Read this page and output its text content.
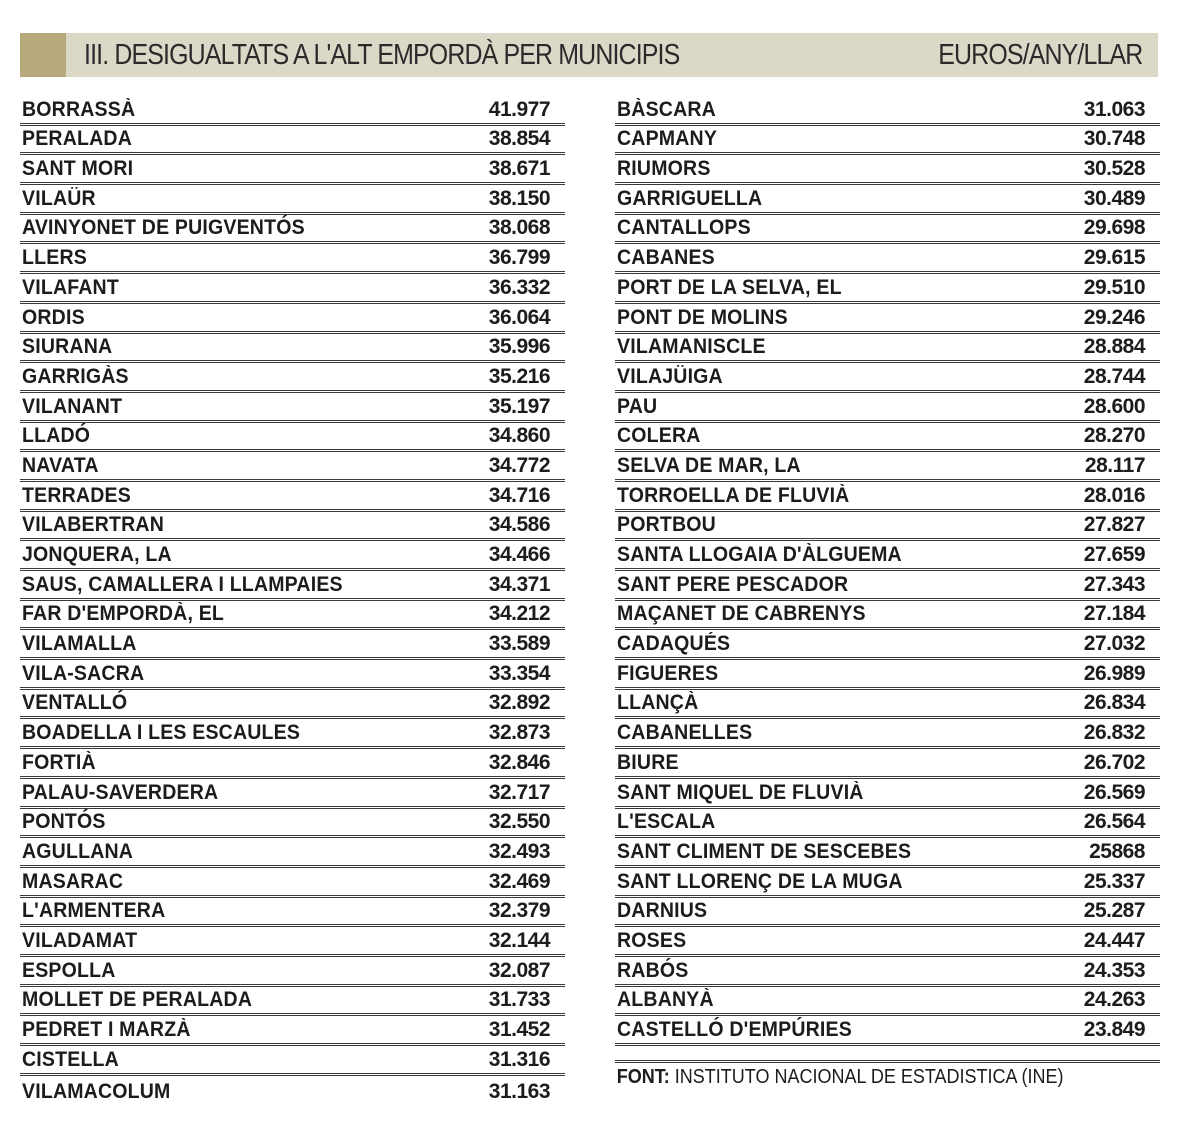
III. DESIGUALTATS A L'ALT EMPORDÀ PER MUNICIPIS	EUROS/ANY/LLAR
BORRASSÀ	41.977
PERALADA	38.854
SANT MORI	38.671
VILAÜR	38.150
AVINYONET DE PUIGVENTÓS	38.068
LLERS	36.799
VILAFANT	36.332
ORDIS	36.064
SIURANA	35.996
GARRIGÀS	35.216
VILANANT	35.197
LLADÓ	34.860
NAVATA	34.772
TERRADES	34.716
VILABERTRAN	34.586
JONQUERA, LA	34.466
SAUS, CAMALLERA I LLAMPAIES	34.371
FAR D'EMPORDÀ, EL	34.212
VILAMALLA	33.589
VILA-SACRA	33.354
VENTALLÓ	32.892
BOADELLA I LES ESCAULES	32.873
FORTIÀ	32.846
PALAU-SAVERDERA	32.717
PONTÓS	32.550
AGULLANA	32.493
MASARAC	32.469
L'ARMENTERA	32.379
VILADAMAT	32.144
ESPOLLA	32.087
MOLLET DE PERALADA	31.733
PEDRET I MARZÀ	31.452
CISTELLA	31.316
VILAMACOLUM	31.163
BÀSCARA	31.063
CAPMANY	30.748
RIUMORS	30.528
GARRIGUELLA	30.489
CANTALLOPS	29.698
CABANES	29.615
PORT DE LA SELVA, EL	29.510
PONT DE MOLINS	29.246
VILAMANISCLE	28.884
VILAJÜIGA	28.744
PAU	28.600
COLERA	28.270
SELVA DE MAR, LA	28.117
TORROELLA DE FLUVIÀ	28.016
PORTBOU	27.827
SANTA LLOGAIA D'ÀLGUEMA	27.659
SANT PERE PESCADOR	27.343
MAÇANET DE CABRENYS	27.184
CADAQUÉS	27.032
FIGUERES	26.989
LLANÇÀ	26.834
CABANELLES	26.832
BIURE	26.702
SANT MIQUEL DE FLUVIÀ	26.569
L'ESCALA	26.564
SANT CLIMENT DE SESCEBES	25868
SANT LLORENÇ DE LA MUGA	25.337
DARNIUS	25.287
ROSES	24.447
RABÓS	24.353
ALBANYÀ	24.263
CASTELLÓ D'EMPÚRIES	23.849
FONT: INSTITUTO NACIONAL DE ESTADISTICA (INE)
